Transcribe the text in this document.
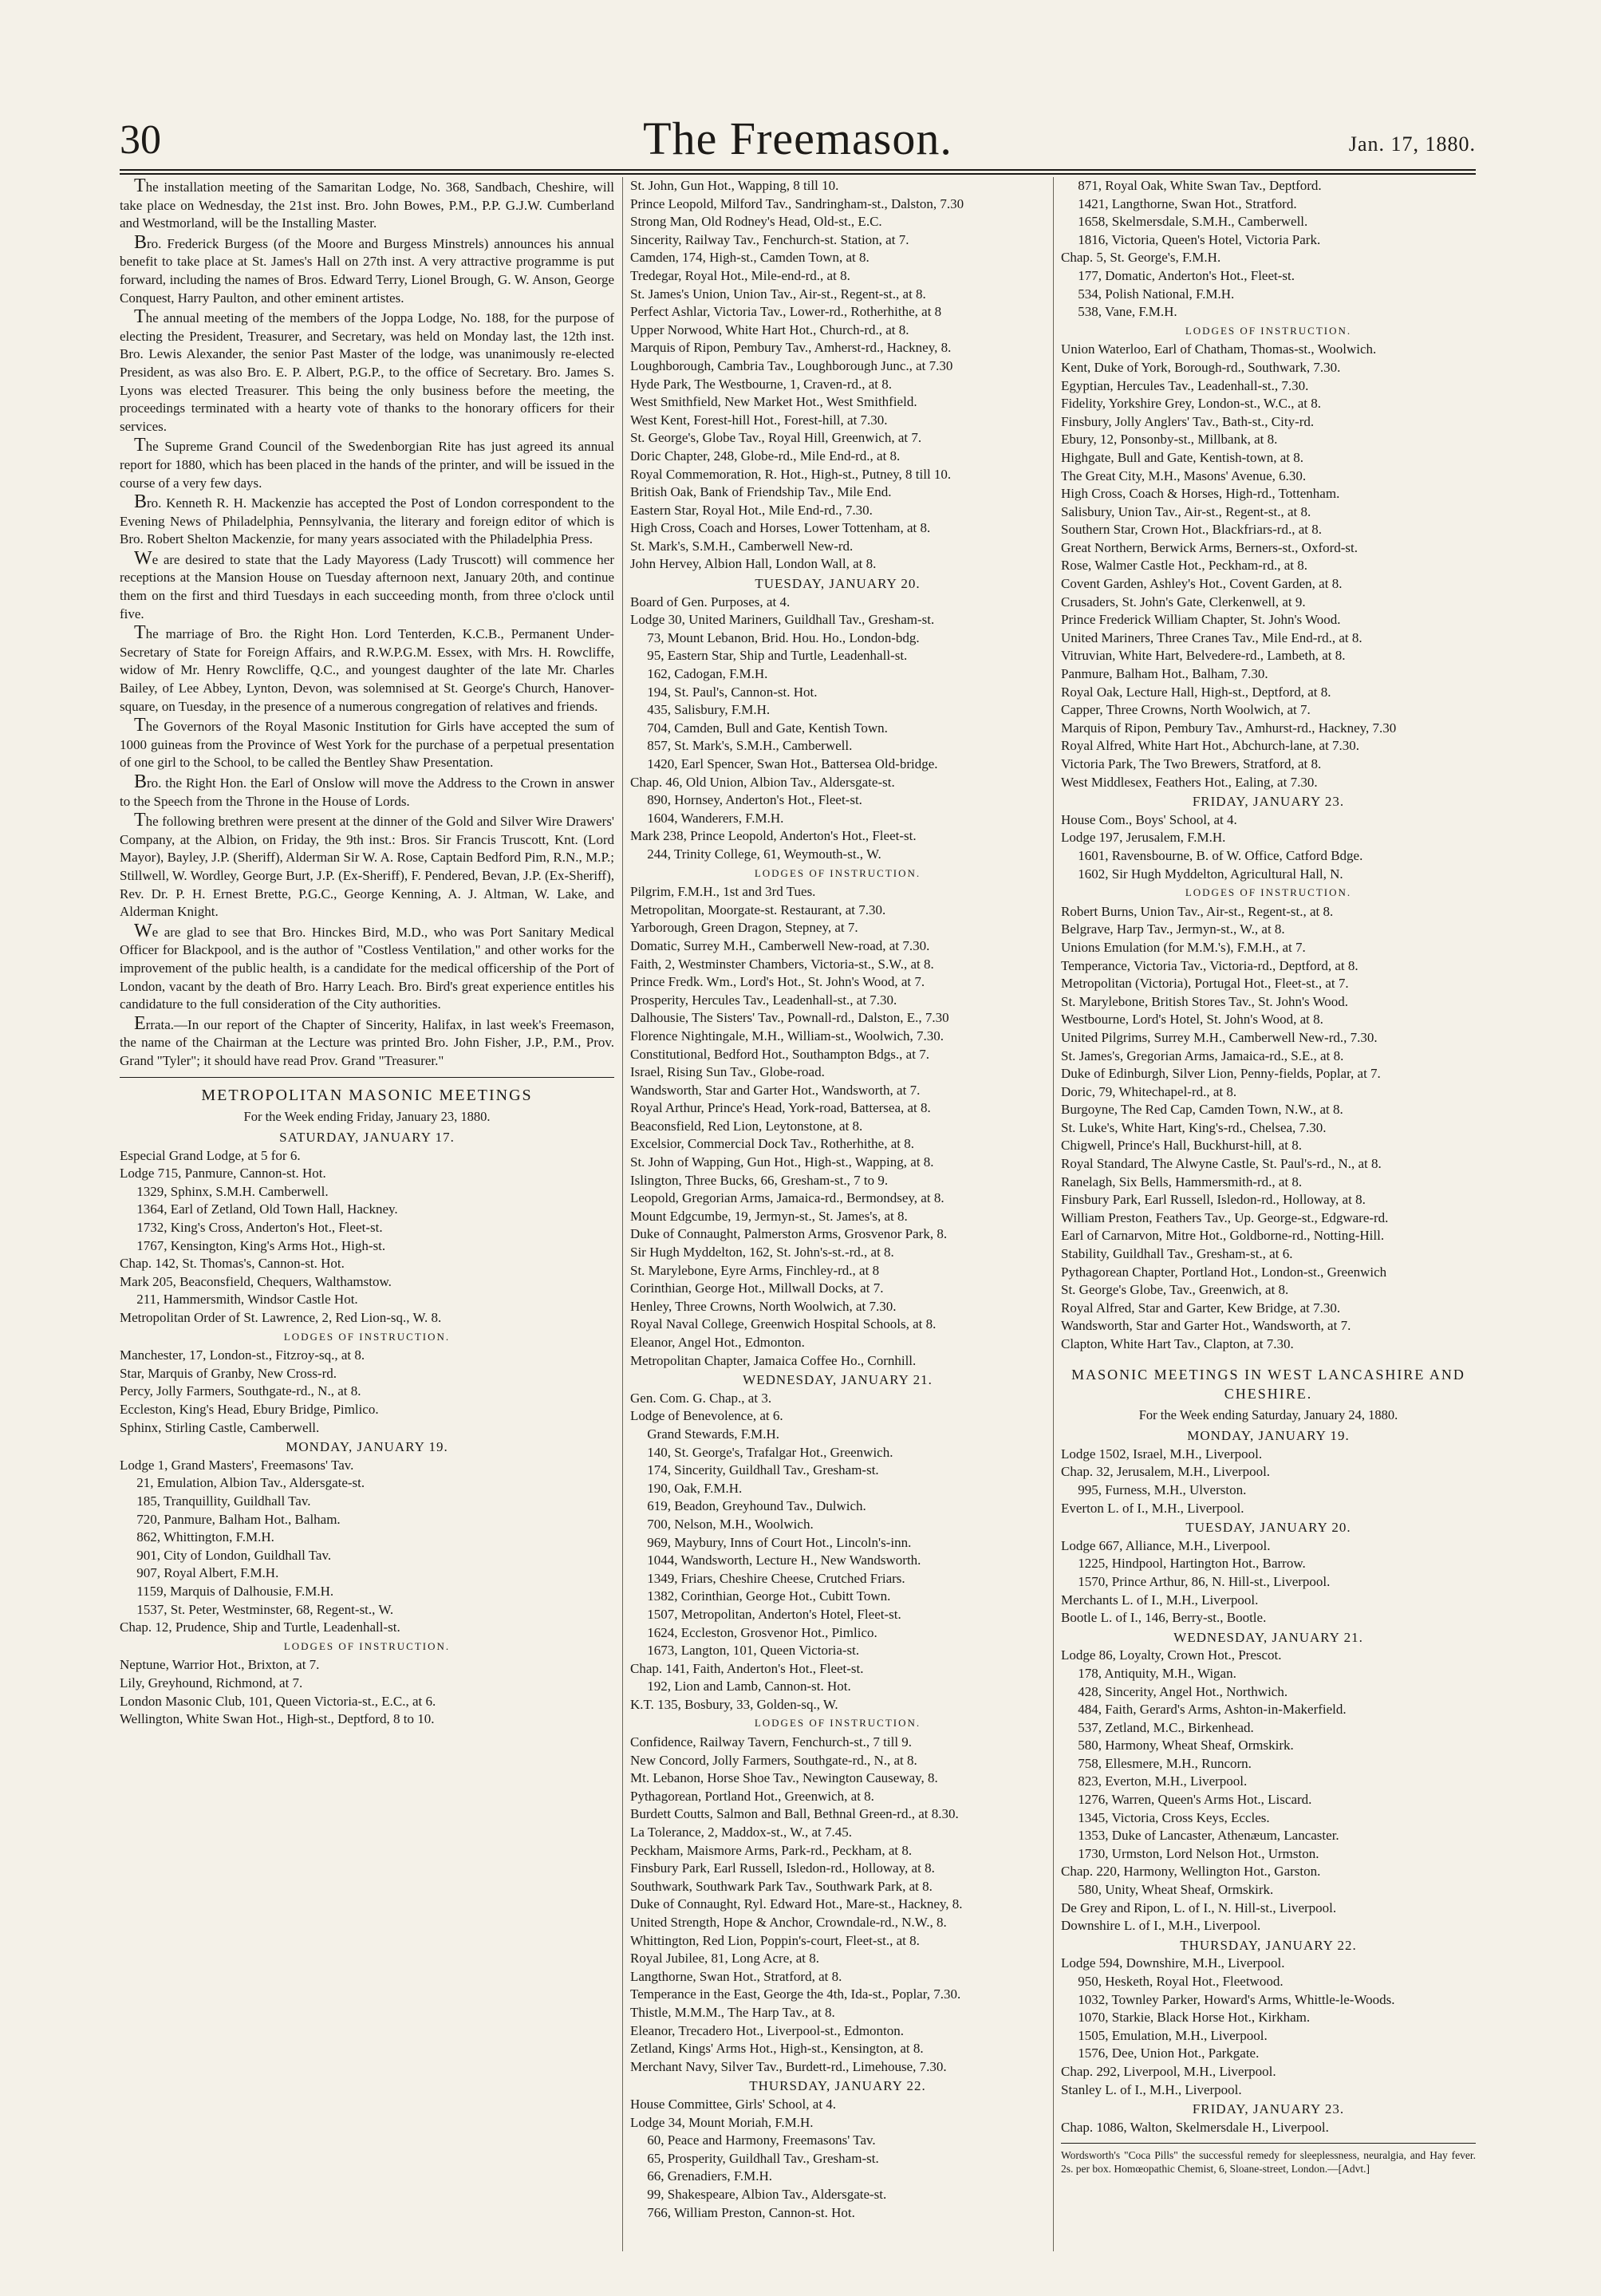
30	The Freemason.	Jan. 17, 1880.

The installation meeting of the Samaritan Lodge, No. 368, Sandbach, Cheshire, will take place on Wednesday, the 21st inst. Bro. John Bowes, P.M., P.P. G.J.W. Cumberland and Westmorland, will be the Installing Master.

Bro. Frederick Burgess (of the Moore and Burgess Minstrels) announces his annual benefit to take place at St. James's Hall on 27th inst. A very attractive programme is put forward, including the names of Bros. Edward Terry, Lionel Brough, G. W. Anson, George Conquest, Harry Paulton, and other eminent artistes.

The annual meeting of the members of the Joppa Lodge, No. 188, for the purpose of electing the President, Treasurer, and Secretary, was held on Monday last, the 12th inst. Bro. Lewis Alexander, the senior Past Master of the lodge, was unanimously re-elected President, as was also Bro. E. P. Albert, P.G.P., to the office of Secretary. Bro. James S. Lyons was elected Treasurer. This being the only business before the meeting, the proceedings terminated with a hearty vote of thanks to the honorary officers for their services.

The Supreme Grand Council of the Swedenborgian Rite has just agreed its annual report for 1880, which has been placed in the hands of the printer, and will be issued in the course of a very few days.

Bro. Kenneth R. H. Mackenzie has accepted the Post of London correspondent to the Evening News of Philadelphia, Pennsylvania, the literary and foreign editor of which is Bro. Robert Shelton Mackenzie, for many years associated with the Philadelphia Press.

We are desired to state that the Lady Mayoress (Lady Truscott) will commence her receptions at the Mansion House on Tuesday afternoon next, January 20th, and continue them on the first and third Tuesdays in each succeeding month, from three o'clock until five.

The marriage of Bro. the Right Hon. Lord Tenterden, K.C.B., Permanent Under-Secretary of State for Foreign Affairs, and R.W.P.G.M. Essex, with Mrs. H. Rowcliffe, widow of Mr. Henry Rowcliffe, Q.C., and youngest daughter of the late Mr. Charles Bailey, of Lee Abbey, Lynton, Devon, was solemnised at St. George's Church, Hanover-square, on Tuesday, in the presence of a numerous congregation of relatives and friends.

The Governors of the Royal Masonic Institution for Girls have accepted the sum of 1000 guineas from the Province of West York for the purchase of a perpetual presentation of one girl to the School, to be called the Bentley Shaw Presentation.

Bro. the Right Hon. the Earl of Onslow will move the Address to the Crown in answer to the Speech from the Throne in the House of Lords.

The following brethren were present at the dinner of the Gold and Silver Wire Drawers' Company, at the Albion, on Friday, the 9th inst.: Bros. Sir Francis Truscott, Knt. (Lord Mayor), Bayley, J.P. (Sheriff), Alderman Sir W. A. Rose, Captain Bedford Pim, R.N., M.P.; Stillwell, W. Wordley, George Burt, J.P. (Ex-Sheriff), F. Pendered, Bevan, J.P. (Ex-Sheriff), Rev. Dr. P. H. Ernest Brette, P.G.C., George Kenning, A. J. Altman, W. Lake, and Alderman Knight.

We are glad to see that Bro. Hinckes Bird, M.D., who was Port Sanitary Medical Officer for Blackpool, and is the author of "Costless Ventilation," and other works for the improvement of the public health, is a candidate for the medical officership of the Port of London, vacant by the death of Bro. Harry Leach. Bro. Bird's great experience entitles his candidature to the full consideration of the City authorities.

Errata.—In our report of the Chapter of Sincerity, Halifax, in last week's Freemason, the name of the Chairman at the Lecture was printed Bro. John Fisher, J.P., P.M., Prov. Grand "Tyler"; it should have read Prov. Grand "Treasurer."

METROPOLITAN MASONIC MEETINGS
For the Week ending Friday, January 23, 1880.
SATURDAY, JANUARY 17.
Especial Grand Lodge, at 5 for 6.
Lodge 715, Panmure, Cannon-st. Hot.
1329, Sphinx, S.M.H. Camberwell.
1364, Earl of Zetland, Old Town Hall, Hackney.
1732, King's Cross, Anderton's Hot., Fleet-st.
1767, Kensington, King's Arms Hot., High-st.
Chap. 142, St. Thomas's, Cannon-st. Hot.
Mark 205, Beaconsfield, Chequers, Walthamstow.
211, Hammersmith, Windsor Castle Hot.
Metropolitan Order of St. Lawrence, 2, Red Lion-sq., W. 8.
LODGES OF INSTRUCTION.
Manchester, 17, London-st., Fitzroy-sq., at 8.
Star, Marquis of Granby, New Cross-rd.
Percy, Jolly Farmers, Southgate-rd., N., at 8.
Eccleston, King's Head, Ebury Bridge, Pimlico.
Sphinx, Stirling Castle, Camberwell.
MONDAY, JANUARY 19.
Lodge 1, Grand Masters', Freemasons' Tav.
21, Emulation, Albion Tav., Aldersgate-st.
185, Tranquillity, Guildhall Tav.
720, Panmure, Balham Hot., Balham.
862, Whittington, F.M.H.
901, City of London, Guildhall Tav.
907, Royal Albert, F.M.H.
1159, Marquis of Dalhousie, F.M.H.
1537, St. Peter, Westminster, 68, Regent-st., W.
Chap. 12, Prudence, Ship and Turtle, Leadenhall-st.
LODGES OF INSTRUCTION.
Neptune, Warrior Hot., Brixton, at 7.
Lily, Greyhound, Richmond, at 7.
London Masonic Club, 101, Queen Victoria-st., E.C., at 6.
Wellington, White Swan Hot., High-st., Deptford, 8 to 10.
St. John, Gun Hot., Wapping, 8 till 10.
Prince Leopold, Milford Tav., Sandringham-st., Dalston, 7.30
Strong Man, Old Rodney's Head, Old-st., E.C.
Sincerity, Railway Tav., Fenchurch-st. Station, at 7.
Camden, 174, High-st., Camden Town, at 8.
Tredegar, Royal Hot., Mile-end-rd., at 8.
St. James's Union, Union Tav., Air-st., Regent-st., at 8.
Perfect Ashlar, Victoria Tav., Lower-rd., Rotherhithe, at 8
Upper Norwood, White Hart Hot., Church-rd., at 8.
Marquis of Ripon, Pembury Tav., Amherst-rd., Hackney, 8.
Loughborough, Cambria Tav., Loughborough Junc., at 7.30
Hyde Park, The Westbourne, 1, Craven-rd., at 8.
West Smithfield, New Market Hot., West Smithfield.
West Kent, Forest-hill Hot., Forest-hill, at 7.30.
St. George's, Globe Tav., Royal Hill, Greenwich, at 7.
Doric Chapter, 248, Globe-rd., Mile End-rd., at 8.
Royal Commemoration, R. Hot., High-st., Putney, 8 till 10.
British Oak, Bank of Friendship Tav., Mile End.
Eastern Star, Royal Hot., Mile End-rd., 7.30.
High Cross, Coach and Horses, Lower Tottenham, at 8.
St. Mark's, S.M.H., Camberwell New-rd.
John Hervey, Albion Hall, London Wall, at 8.
TUESDAY, JANUARY 20.
Board of Gen. Purposes, at 4.
Lodge 30, United Mariners, Guildhall Tav., Gresham-st.
73, Mount Lebanon, Brid. Hou. Ho., London-bdg.
95, Eastern Star, Ship and Turtle, Leadenhall-st.
162, Cadogan, F.M.H.
194, St. Paul's, Cannon-st. Hot.
435, Salisbury, F.M.H.
704, Camden, Bull and Gate, Kentish Town.
857, St. Mark's, S.M.H., Camberwell.
1420, Earl Spencer, Swan Hot., Battersea Old-bridge.
Chap. 46, Old Union, Albion Tav., Aldersgate-st.
890, Hornsey, Anderton's Hot., Fleet-st.
1604, Wanderers, F.M.H.
Mark 238, Prince Leopold, Anderton's Hot., Fleet-st.
244, Trinity College, 61, Weymouth-st., W.
LODGES OF INSTRUCTION.
Pilgrim, F.M.H., 1st and 3rd Tues.
Metropolitan, Moorgate-st. Restaurant, at 7.30.
Yarborough, Green Dragon, Stepney, at 7.
Domatic, Surrey M.H., Camberwell New-road, at 7.30.
Faith, 2, Westminster Chambers, Victoria-st., S.W., at 8.
Prince Fredk. Wm., Lord's Hot., St. John's Wood, at 7.
Prosperity, Hercules Tav., Leadenhall-st., at 7.30.
Dalhousie, The Sisters' Tav., Pownall-rd., Dalston, E., 7.30
Florence Nightingale, M.H., William-st., Woolwich, 7.30.
Constitutional, Bedford Hot., Southampton Bdgs., at 7.
Israel, Rising Sun Tav., Globe-road.
Wandsworth, Star and Garter Hot., Wandsworth, at 7.
Royal Arthur, Prince's Head, York-road, Battersea, at 8.
Beaconsfield, Red Lion, Leytonstone, at 8.
Excelsior, Commercial Dock Tav., Rotherhithe, at 8.
St. John of Wapping, Gun Hot., High-st., Wapping, at 8.
Islington, Three Bucks, 66, Gresham-st., 7 to 9.
Leopold, Gregorian Arms, Jamaica-rd., Bermondsey, at 8.
Mount Edgcumbe, 19, Jermyn-st., St. James's, at 8.
Duke of Connaught, Palmerston Arms, Grosvenor Park, 8.
Sir Hugh Myddelton, 162, St. John's-st.-rd., at 8.
St. Marylebone, Eyre Arms, Finchley-rd., at 8
Corinthian, George Hot., Millwall Docks, at 7.
Henley, Three Crowns, North Woolwich, at 7.30.
Royal Naval College, Greenwich Hospital Schools, at 8.
Eleanor, Angel Hot., Edmonton.
Metropolitan Chapter, Jamaica Coffee Ho., Cornhill.
WEDNESDAY, JANUARY 21.
Gen. Com. G. Chap., at 3.
Lodge of Benevolence, at 6.
Grand Stewards, F.M.H.
140, St. George's, Trafalgar Hot., Greenwich.
174, Sincerity, Guildhall Tav., Gresham-st.
190, Oak, F.M.H.
619, Beadon, Greyhound Tav., Dulwich.
700, Nelson, M.H., Woolwich.
969, Maybury, Inns of Court Hot., Lincoln's-inn.
1044, Wandsworth, Lecture H., New Wandsworth.
1349, Friars, Cheshire Cheese, Crutched Friars.
1382, Corinthian, George Hot., Cubitt Town.
1507, Metropolitan, Anderton's Hotel, Fleet-st.
1624, Eccleston, Grosvenor Hot., Pimlico.
1673, Langton, 101, Queen Victoria-st.
Chap. 141, Faith, Anderton's Hot., Fleet-st.
192, Lion and Lamb, Cannon-st. Hot.
K.T. 135, Bosbury, 33, Golden-sq., W.
LODGES OF INSTRUCTION.
Confidence, Railway Tavern, Fenchurch-st., 7 till 9.
New Concord, Jolly Farmers, Southgate-rd., N., at 8.
Mt. Lebanon, Horse Shoe Tav., Newington Causeway, 8.
Pythagorean, Portland Hot., Greenwich, at 8.
Burdett Coutts, Salmon and Ball, Bethnal Green-rd., at 8.30.
La Tolerance, 2, Maddox-st., W., at 7.45.
Peckham, Maismore Arms, Park-rd., Peckham, at 8.
Finsbury Park, Earl Russell, Isledon-rd., Holloway, at 8.
Southwark, Southwark Park Tav., Southwark Park, at 8.
Duke of Connaught, Ryl. Edward Hot., Mare-st., Hackney, 8.
United Strength, Hope & Anchor, Crowndale-rd., N.W., 8.
Whittington, Red Lion, Poppin's-court, Fleet-st., at 8.
Royal Jubilee, 81, Long Acre, at 8.
Langthorne, Swan Hot., Stratford, at 8.
Temperance in the East, George the 4th, Ida-st., Poplar, 7.30.
Thistle, M.M.M., The Harp Tav., at 8.
Eleanor, Trecadero Hot., Liverpool-st., Edmonton.
Zetland, Kings' Arms Hot., High-st., Kensington, at 8.
Merchant Navy, Silver Tav., Burdett-rd., Limehouse, 7.30.
THURSDAY, JANUARY 22.
House Committee, Girls' School, at 4.
Lodge 34, Mount Moriah, F.M.H.
60, Peace and Harmony, Freemasons' Tav.
65, Prosperity, Guildhall Tav., Gresham-st.
66, Grenadiers, F.M.H.
99, Shakespeare, Albion Tav., Aldersgate-st.
766, William Preston, Cannon-st. Hot.
871, Royal Oak, White Swan Tav., Deptford.
1421, Langthorne, Swan Hot., Stratford.
1658, Skelmersdale, S.M.H., Camberwell.
1816, Victoria, Queen's Hotel, Victoria Park.
Chap. 5, St. George's, F.M.H.
177, Domatic, Anderton's Hot., Fleet-st.
534, Polish National, F.M.H.
538, Vane, F.M.H.
LODGES OF INSTRUCTION.
Union Waterloo, Earl of Chatham, Thomas-st., Woolwich.
Kent, Duke of York, Borough-rd., Southwark, 7.30.
Egyptian, Hercules Tav., Leadenhall-st., 7.30.
Fidelity, Yorkshire Grey, London-st., W.C., at 8.
Finsbury, Jolly Anglers' Tav., Bath-st., City-rd.
Ebury, 12, Ponsonby-st., Millbank, at 8.
Highgate, Bull and Gate, Kentish-town, at 8.
The Great City, M.H., Masons' Avenue, 6.30.
High Cross, Coach & Horses, High-rd., Tottenham.
Salisbury, Union Tav., Air-st., Regent-st., at 8.
Southern Star, Crown Hot., Blackfriars-rd., at 8.
Great Northern, Berwick Arms, Berners-st., Oxford-st.
Rose, Walmer Castle Hot., Peckham-rd., at 8.
Covent Garden, Ashley's Hot., Covent Garden, at 8.
Crusaders, St. John's Gate, Clerkenwell, at 9.
Prince Frederick William Chapter, St. John's Wood.
United Mariners, Three Cranes Tav., Mile End-rd., at 8.
Vitruvian, White Hart, Belvedere-rd., Lambeth, at 8.
Panmure, Balham Hot., Balham, 7.30.
Royal Oak, Lecture Hall, High-st., Deptford, at 8.
Capper, Three Crowns, North Woolwich, at 7.
Marquis of Ripon, Pembury Tav., Amhurst-rd., Hackney, 7.30
Royal Alfred, White Hart Hot., Abchurch-lane, at 7.30.
Victoria Park, The Two Brewers, Stratford, at 8.
West Middlesex, Feathers Hot., Ealing, at 7.30.
FRIDAY, JANUARY 23.
House Com., Boys' School, at 4.
Lodge 197, Jerusalem, F.M.H.
1601, Ravensbourne, B. of W. Office, Catford Bdge.
1602, Sir Hugh Myddelton, Agricultural Hall, N.
LODGES OF INSTRUCTION.
Robert Burns, Union Tav., Air-st., Regent-st., at 8.
Belgrave, Harp Tav., Jermyn-st., W., at 8.
Unions Emulation (for M.M.'s), F.M.H., at 7.
Temperance, Victoria Tav., Victoria-rd., Deptford, at 8.
Metropolitan (Victoria), Portugal Hot., Fleet-st., at 7.
St. Marylebone, British Stores Tav., St. John's Wood.
Westbourne, Lord's Hotel, St. John's Wood, at 8.
United Pilgrims, Surrey M.H., Camberwell New-rd., 7.30.
St. James's, Gregorian Arms, Jamaica-rd., S.E., at 8.
Duke of Edinburgh, Silver Lion, Penny-fields, Poplar, at 7.
Doric, 79, Whitechapel-rd., at 8.
Burgoyne, The Red Cap, Camden Town, N.W., at 8.
St. Luke's, White Hart, King's-rd., Chelsea, 7.30.
Chigwell, Prince's Hall, Buckhurst-hill, at 8.
Royal Standard, The Alwyne Castle, St. Paul's-rd., N., at 8.
Ranelagh, Six Bells, Hammersmith-rd., at 8.
Finsbury Park, Earl Russell, Isledon-rd., Holloway, at 8.
William Preston, Feathers Tav., Up. George-st., Edgware-rd.
Earl of Carnarvon, Mitre Hot., Goldborne-rd., Notting-Hill.
Stability, Guildhall Tav., Gresham-st., at 6.
Pythagorean Chapter, Portland Hot., London-st., Greenwich
St. George's Globe, Tav., Greenwich, at 8.
Royal Alfred, Star and Garter, Kew Bridge, at 7.30.
Wandsworth, Star and Garter Hot., Wandsworth, at 7.
Clapton, White Hart Tav., Clapton, at 7.30.
MASONIC MEETINGS IN WEST LANCASHIRE AND CHESHIRE.
For the Week ending Saturday, January 24, 1880.
MONDAY, JANUARY 19.
Lodge 1502, Israel, M.H., Liverpool.
Chap. 32, Jerusalem, M.H., Liverpool.
995, Furness, M.H., Ulverston.
Everton L. of I., M.H., Liverpool.
TUESDAY, JANUARY 20.
Lodge 667, Alliance, M.H., Liverpool.
1225, Hindpool, Hartington Hot., Barrow.
1570, Prince Arthur, 86, N. Hill-st., Liverpool.
Merchants L. of I., M.H., Liverpool.
Bootle L. of I., 146, Berry-st., Bootle.
WEDNESDAY, JANUARY 21.
Lodge 86, Loyalty, Crown Hot., Prescot.
178, Antiquity, M.H., Wigan.
428, Sincerity, Angel Hot., Northwich.
484, Faith, Gerard's Arms, Ashton-in-Makerfield.
537, Zetland, M.C., Birkenhead.
580, Harmony, Wheat Sheaf, Ormskirk.
758, Ellesmere, M.H., Runcorn.
823, Everton, M.H., Liverpool.
1276, Warren, Queen's Arms Hot., Liscard.
1345, Victoria, Cross Keys, Eccles.
1353, Duke of Lancaster, Athenæum, Lancaster.
1730, Urmston, Lord Nelson Hot., Urmston.
Chap. 220, Harmony, Wellington Hot., Garston.
580, Unity, Wheat Sheaf, Ormskirk.
De Grey and Ripon, L. of I., N. Hill-st., Liverpool.
Downshire L. of I., M.H., Liverpool.
THURSDAY, JANUARY 22.
Lodge 594, Downshire, M.H., Liverpool.
950, Hesketh, Royal Hot., Fleetwood.
1032, Townley Parker, Howard's Arms, Whittle-le-Woods.
1070, Starkie, Black Horse Hot., Kirkham.
1505, Emulation, M.H., Liverpool.
1576, Dee, Union Hot., Parkgate.
Chap. 292, Liverpool, M.H., Liverpool.
Stanley L. of I., M.H., Liverpool.
FRIDAY, JANUARY 23.
Chap. 1086, Walton, Skelmersdale H., Liverpool.
Wordsworth's "Coca Pills" the successful remedy for sleeplessness, neuralgia, and Hay fever. 2s. per box. Homœopathic Chemist, 6, Sloane-street, London.—[Advt.]
